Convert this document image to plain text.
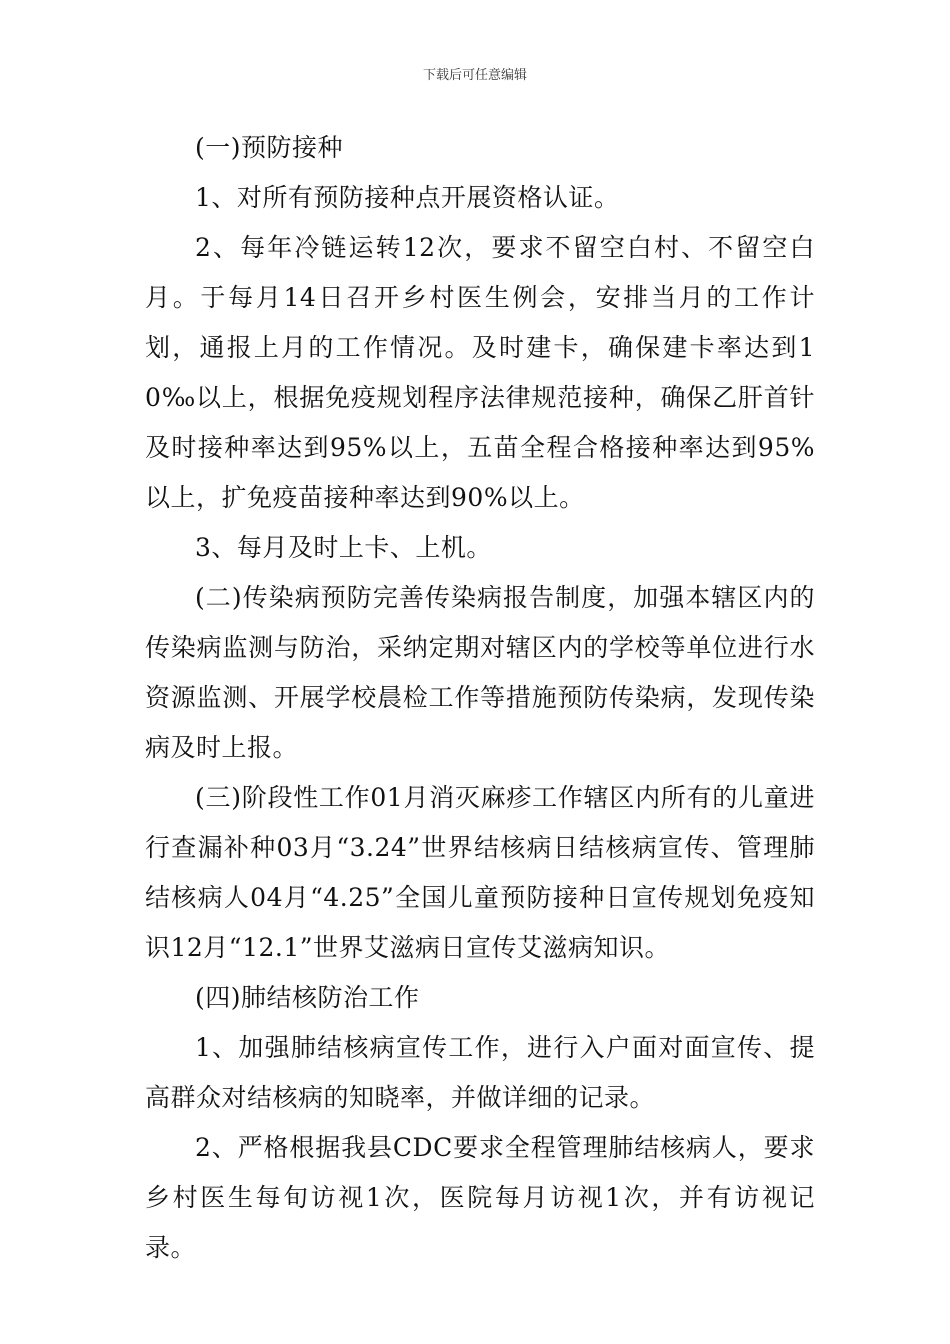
下载后可任意编辑

(一)预防接种

1、对所有预防接种点开展资格认证。

2、每年冷链运转12次，要求不留空白村、不留空白月。于每月14日召开乡村医生例会，安排当月的工作计划，通报上月的工作情况。及时建卡，确保建卡率达到10‰以上，根据免疫规划程序法律规范接种，确保乙肝首针及时接种率达到95%以上，五苗全程合格接种率达到95%以上，扩免疫苗接种率达到90%以上。

3、每月及时上卡、上机。

(二)传染病预防完善传染病报告制度，加强本辖区内的传染病监测与防治，采纳定期对辖区内的学校等单位进行水资源监测、开展学校晨检工作等措施预防传染病，发现传染病及时上报。

(三)阶段性工作01月消灭麻疹工作辖区内所有的儿童进行查漏补种03月“3.24”世界结核病日结核病宣传、管理肺结核病人04月“4.25”全国儿童预防接种日宣传规划免疫知识12月“12.1”世界艾滋病日宣传艾滋病知识。

(四)肺结核防治工作

1、加强肺结核病宣传工作，进行入户面对面宣传、提高群众对结核病的知晓率，并做详细的记录。

2、严格根据我县CDC要求全程管理肺结核病人，要求乡村医生每旬访视1次，医院每月访视1次，并有访视记录。
